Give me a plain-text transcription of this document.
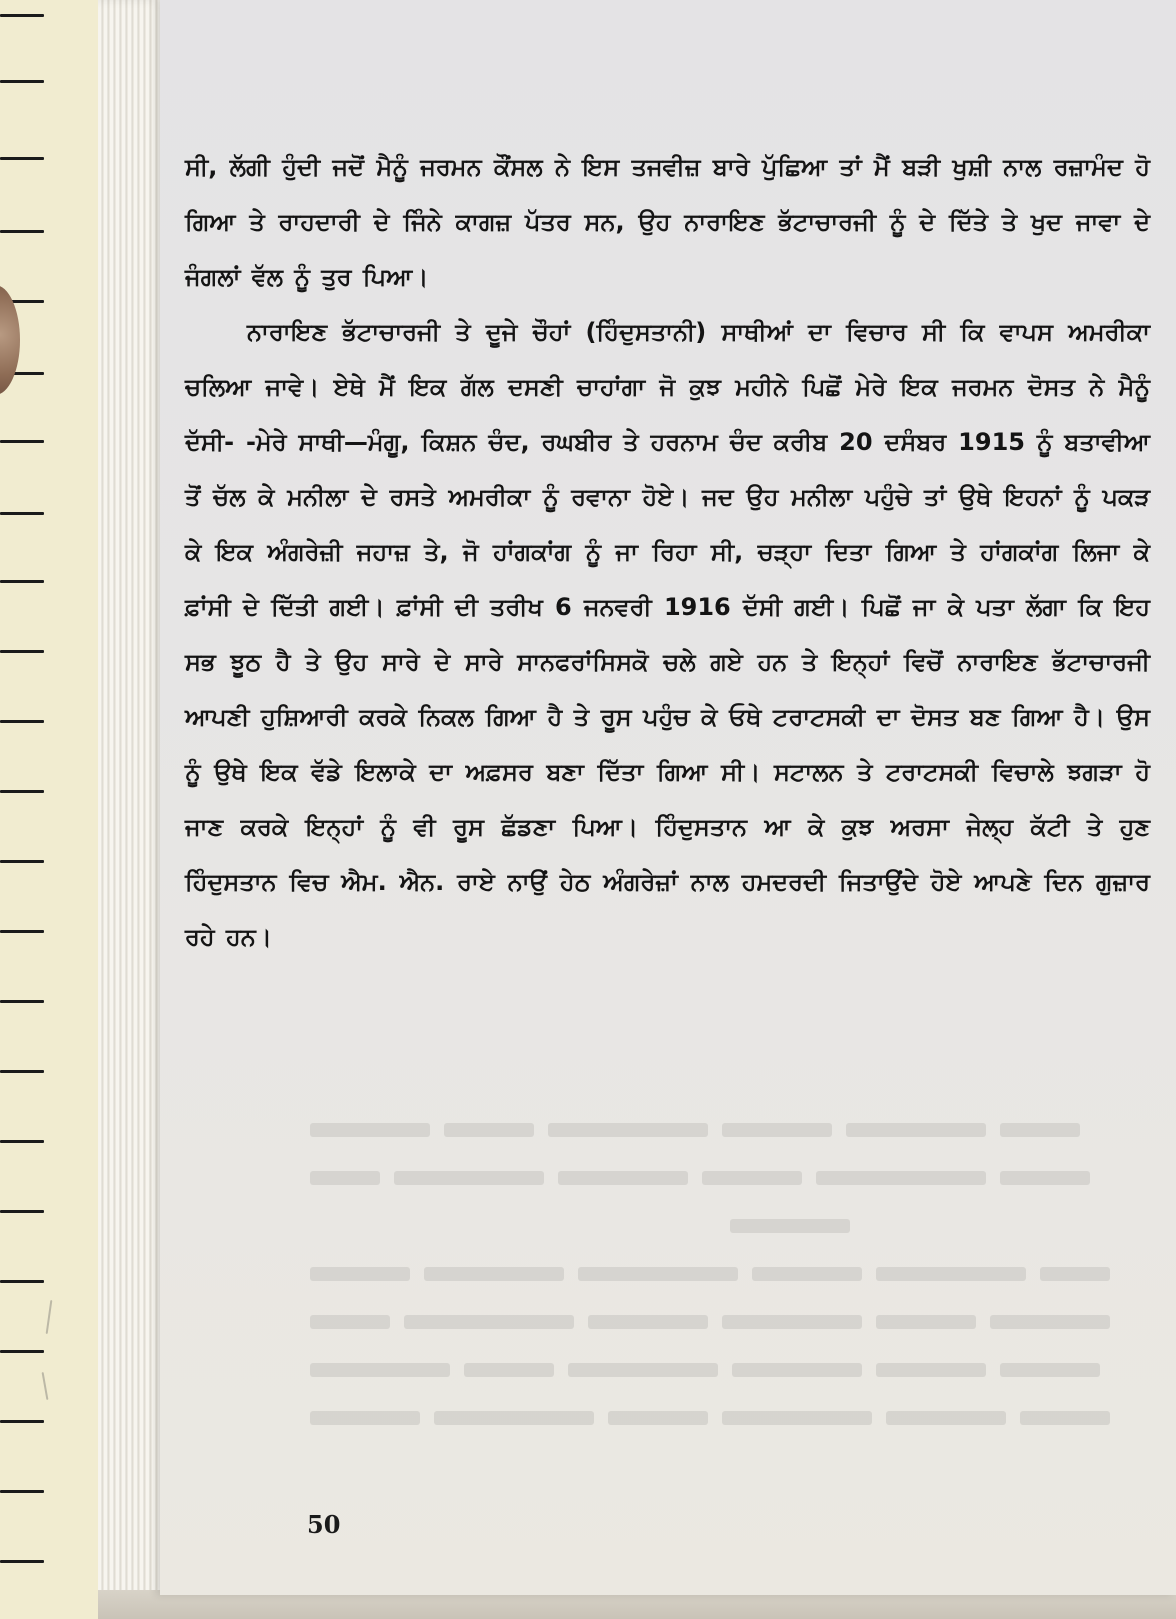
ਸੀ, ਲੱਗੀ ਹੁੰਦੀ ਜਦੋਂ ਮੈਨੂੰ ਜਰਮਨ ਕੌਂਸਲ ਨੇ ਇਸ ਤਜਵੀਜ਼ ਬਾਰੇ ਪੁੱਛਿਆ ਤਾਂ ਮੈਂ ਬੜੀ ਖੁਸ਼ੀ ਨਾਲ ਰਜ਼ਾਮੰਦ ਹੋ ਗਿਆ ਤੇ ਰਾਹਦਾਰੀ ਦੇ ਜਿੰਨੇ ਕਾਗਜ਼ ਪੱਤਰ ਸਨ, ਉਹ ਨਾਰਾਇਣ ਭੱਟਾਚਾਰਜੀ ਨੂੰ ਦੇ ਦਿੱਤੇ ਤੇ ਖੁਦ ਜਾਵਾ ਦੇ ਜੰਗਲਾਂ ਵੱਲ ਨੂੰ ਤੁਰ ਪਿਆ।

ਨਾਰਾਇਣ ਭੱਟਾਚਾਰਜੀ ਤੇ ਦੂਜੇ ਚੌਹਾਂ (ਹਿੰਦੁਸਤਾਨੀ) ਸਾਥੀਆਂ ਦਾ ਵਿਚਾਰ ਸੀ ਕਿ ਵਾਪਸ ਅਮਰੀਕਾ ਚਲਿਆ ਜਾਵੇ। ਏਥੇ ਮੈਂ ਇਕ ਗੱਲ ਦਸਣੀ ਚਾਹਾਂਗਾ ਜੋ ਕੁਝ ਮਹੀਨੇ ਪਿਛੋਂ ਮੇਰੇ ਇਕ ਜਰਮਨ ਦੋਸਤ ਨੇ ਮੈਨੂੰ ਦੱਸੀ- -ਮੇਰੇ ਸਾਥੀ—ਮੰਗੂ, ਕਿਸ਼ਨ ਚੰਦ, ਰਘਬੀਰ ਤੇ ਹਰਨਾਮ ਚੰਦ ਕਰੀਬ 20 ਦਸੰਬਰ 1915 ਨੂੰ ਬਤਾਵੀਆ ਤੋਂ ਚੱਲ ਕੇ ਮਨੀਲਾ ਦੇ ਰਸਤੇ ਅਮਰੀਕਾ ਨੂੰ ਰਵਾਨਾ ਹੋਏ। ਜਦ ਉਹ ਮਨੀਲਾ ਪਹੁੰਚੇ ਤਾਂ ਉਥੇ ਇਹਨਾਂ ਨੂੰ ਪਕੜ ਕੇ ਇਕ ਅੰਗਰੇਜ਼ੀ ਜਹਾਜ਼ ਤੇ, ਜੋ ਹਾਂਗਕਾਂਗ ਨੂੰ ਜਾ ਰਿਹਾ ਸੀ, ਚੜ੍ਹਾ ਦਿਤਾ ਗਿਆ ਤੇ ਹਾਂਗਕਾਂਗ ਲਿਜਾ ਕੇ ਫ਼ਾਂਸੀ ਦੇ ਦਿੱਤੀ ਗਈ। ਫ਼ਾਂਸੀ ਦੀ ਤਰੀਖ 6 ਜਨਵਰੀ 1916 ਦੱਸੀ ਗਈ। ਪਿਛੋਂ ਜਾ ਕੇ ਪਤਾ ਲੱਗਾ ਕਿ ਇਹ ਸਭ ਝੂਠ ਹੈ ਤੇ ਉਹ ਸਾਰੇ ਦੇ ਸਾਰੇ ਸਾਨਫਰਾਂਸਿਸਕੋ ਚਲੇ ਗਏ ਹਨ ਤੇ ਇਨ੍ਹਾਂ ਵਿਚੋਂ ਨਾਰਾਇਣ ਭੱਟਾਚਾਰਜੀ ਆਪਣੀ ਹੁਸ਼ਿਆਰੀ ਕਰਕੇ ਨਿਕਲ ਗਿਆ ਹੈ ਤੇ ਰੂਸ ਪਹੁੰਚ ਕੇ ਓਥੇ ਟਰਾਟਸਕੀ ਦਾ ਦੋਸਤ ਬਣ ਗਿਆ ਹੈ। ਉਸ ਨੂੰ ਉਥੇ ਇਕ ਵੱਡੇ ਇਲਾਕੇ ਦਾ ਅਫ਼ਸਰ ਬਣਾ ਦਿੱਤਾ ਗਿਆ ਸੀ। ਸਟਾਲਨ ਤੇ ਟਰਾਟਸਕੀ ਵਿਚਾਲੇ ਝਗੜਾ ਹੋ ਜਾਣ ਕਰਕੇ ਇਨ੍ਹਾਂ ਨੂੰ ਵੀ ਰੂਸ ਛੱਡਣਾ ਪਿਆ। ਹਿੰਦੁਸਤਾਨ ਆ ਕੇ ਕੁਝ ਅਰਸਾ ਜੇਲ੍ਹ ਕੱਟੀ ਤੇ ਹੁਣ ਹਿੰਦੁਸਤਾਨ ਵਿਚ ਐਮ. ਐਨ. ਰਾਏ ਨਾਉਂ ਹੇਠ ਅੰਗਰੇਜ਼ਾਂ ਨਾਲ ਹਮਦਰਦੀ ਜਿਤਾਉਂਦੇ ਹੋਏ ਆਪਣੇ ਦਿਨ ਗੁਜ਼ਾਰ ਰਹੇ ਹਨ।

50
